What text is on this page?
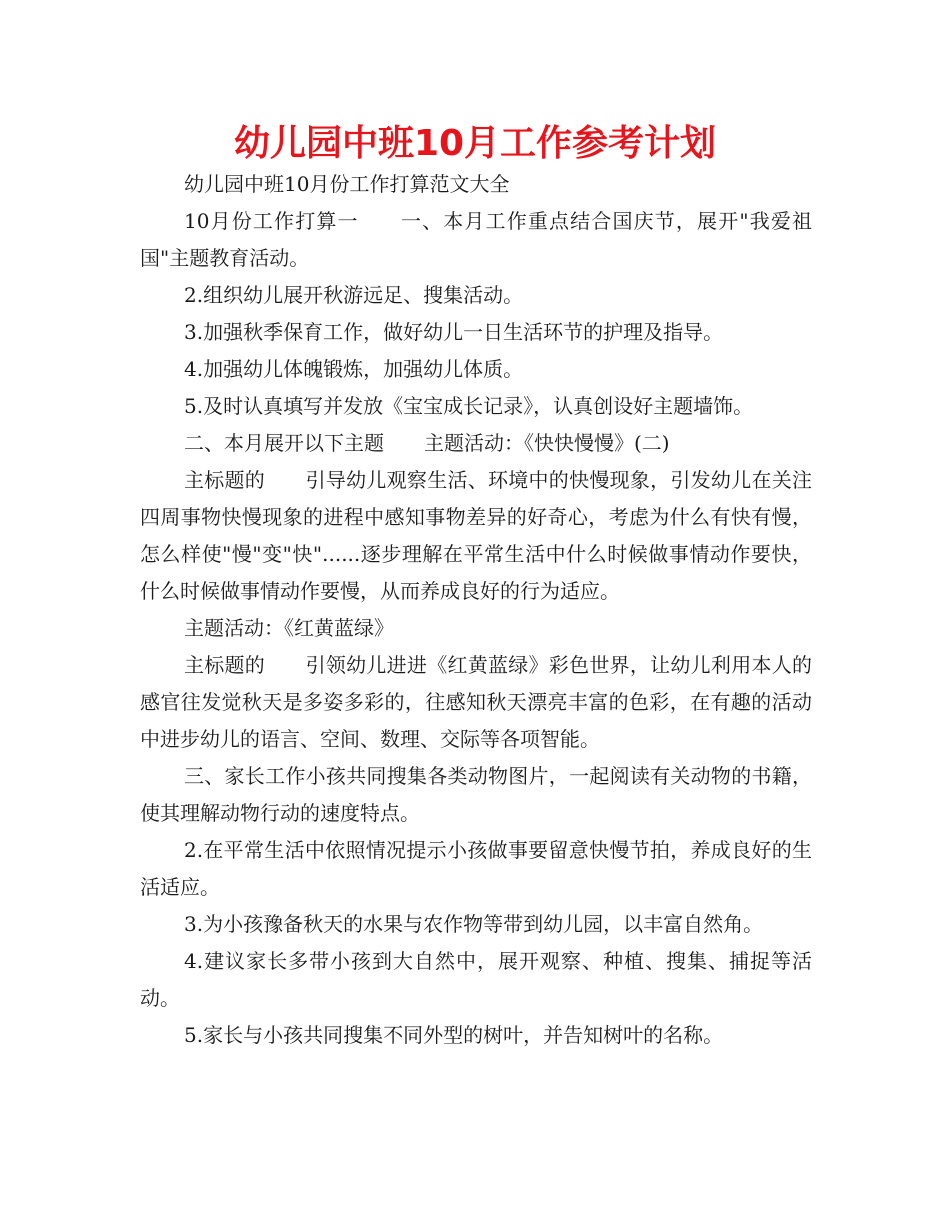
幼儿园中班10月工作参考计划

幼儿园中班10月份工作打算范文大全

10月份工作打算一　　一、本月工作重点结合国庆节，展开"我爱祖国"主题教育活动。

2.组织幼儿展开秋游远足、搜集活动。

3.加强秋季保育工作，做好幼儿一日生活环节的护理及指导。

4.加强幼儿体魄锻炼，加强幼儿体质。

5.及时认真填写并发放《宝宝成长记录》，认真创设好主题墙饰。

二、本月展开以下主题　　主题活动：《快快慢慢》(二)

主标题的　　引导幼儿观察生活、环境中的快慢现象，引发幼儿在关注四周事物快慢现象的进程中感知事物差异的好奇心，考虑为什么有快有慢，怎么样使"慢"变"快"......逐步理解在平常生活中什么时候做事情动作要快，什么时候做事情动作要慢，从而养成良好的行为适应。

主题活动：《红黄蓝绿》

主标题的　　引领幼儿进进《红黄蓝绿》彩色世界，让幼儿利用本人的感官往发觉秋天是多姿多彩的，往感知秋天漂亮丰富的色彩，在有趣的活动中进步幼儿的语言、空间、数理、交际等各项智能。

三、家长工作小孩共同搜集各类动物图片，一起阅读有关动物的书籍，使其理解动物行动的速度特点。

2.在平常生活中依照情况提示小孩做事要留意快慢节拍，养成良好的生活适应。

3.为小孩豫备秋天的水果与农作物等带到幼儿园，以丰富自然角。

4.建议家长多带小孩到大自然中，展开观察、种植、搜集、捕捉等活动。

5.家长与小孩共同搜集不同外型的树叶，并告知树叶的名称。
